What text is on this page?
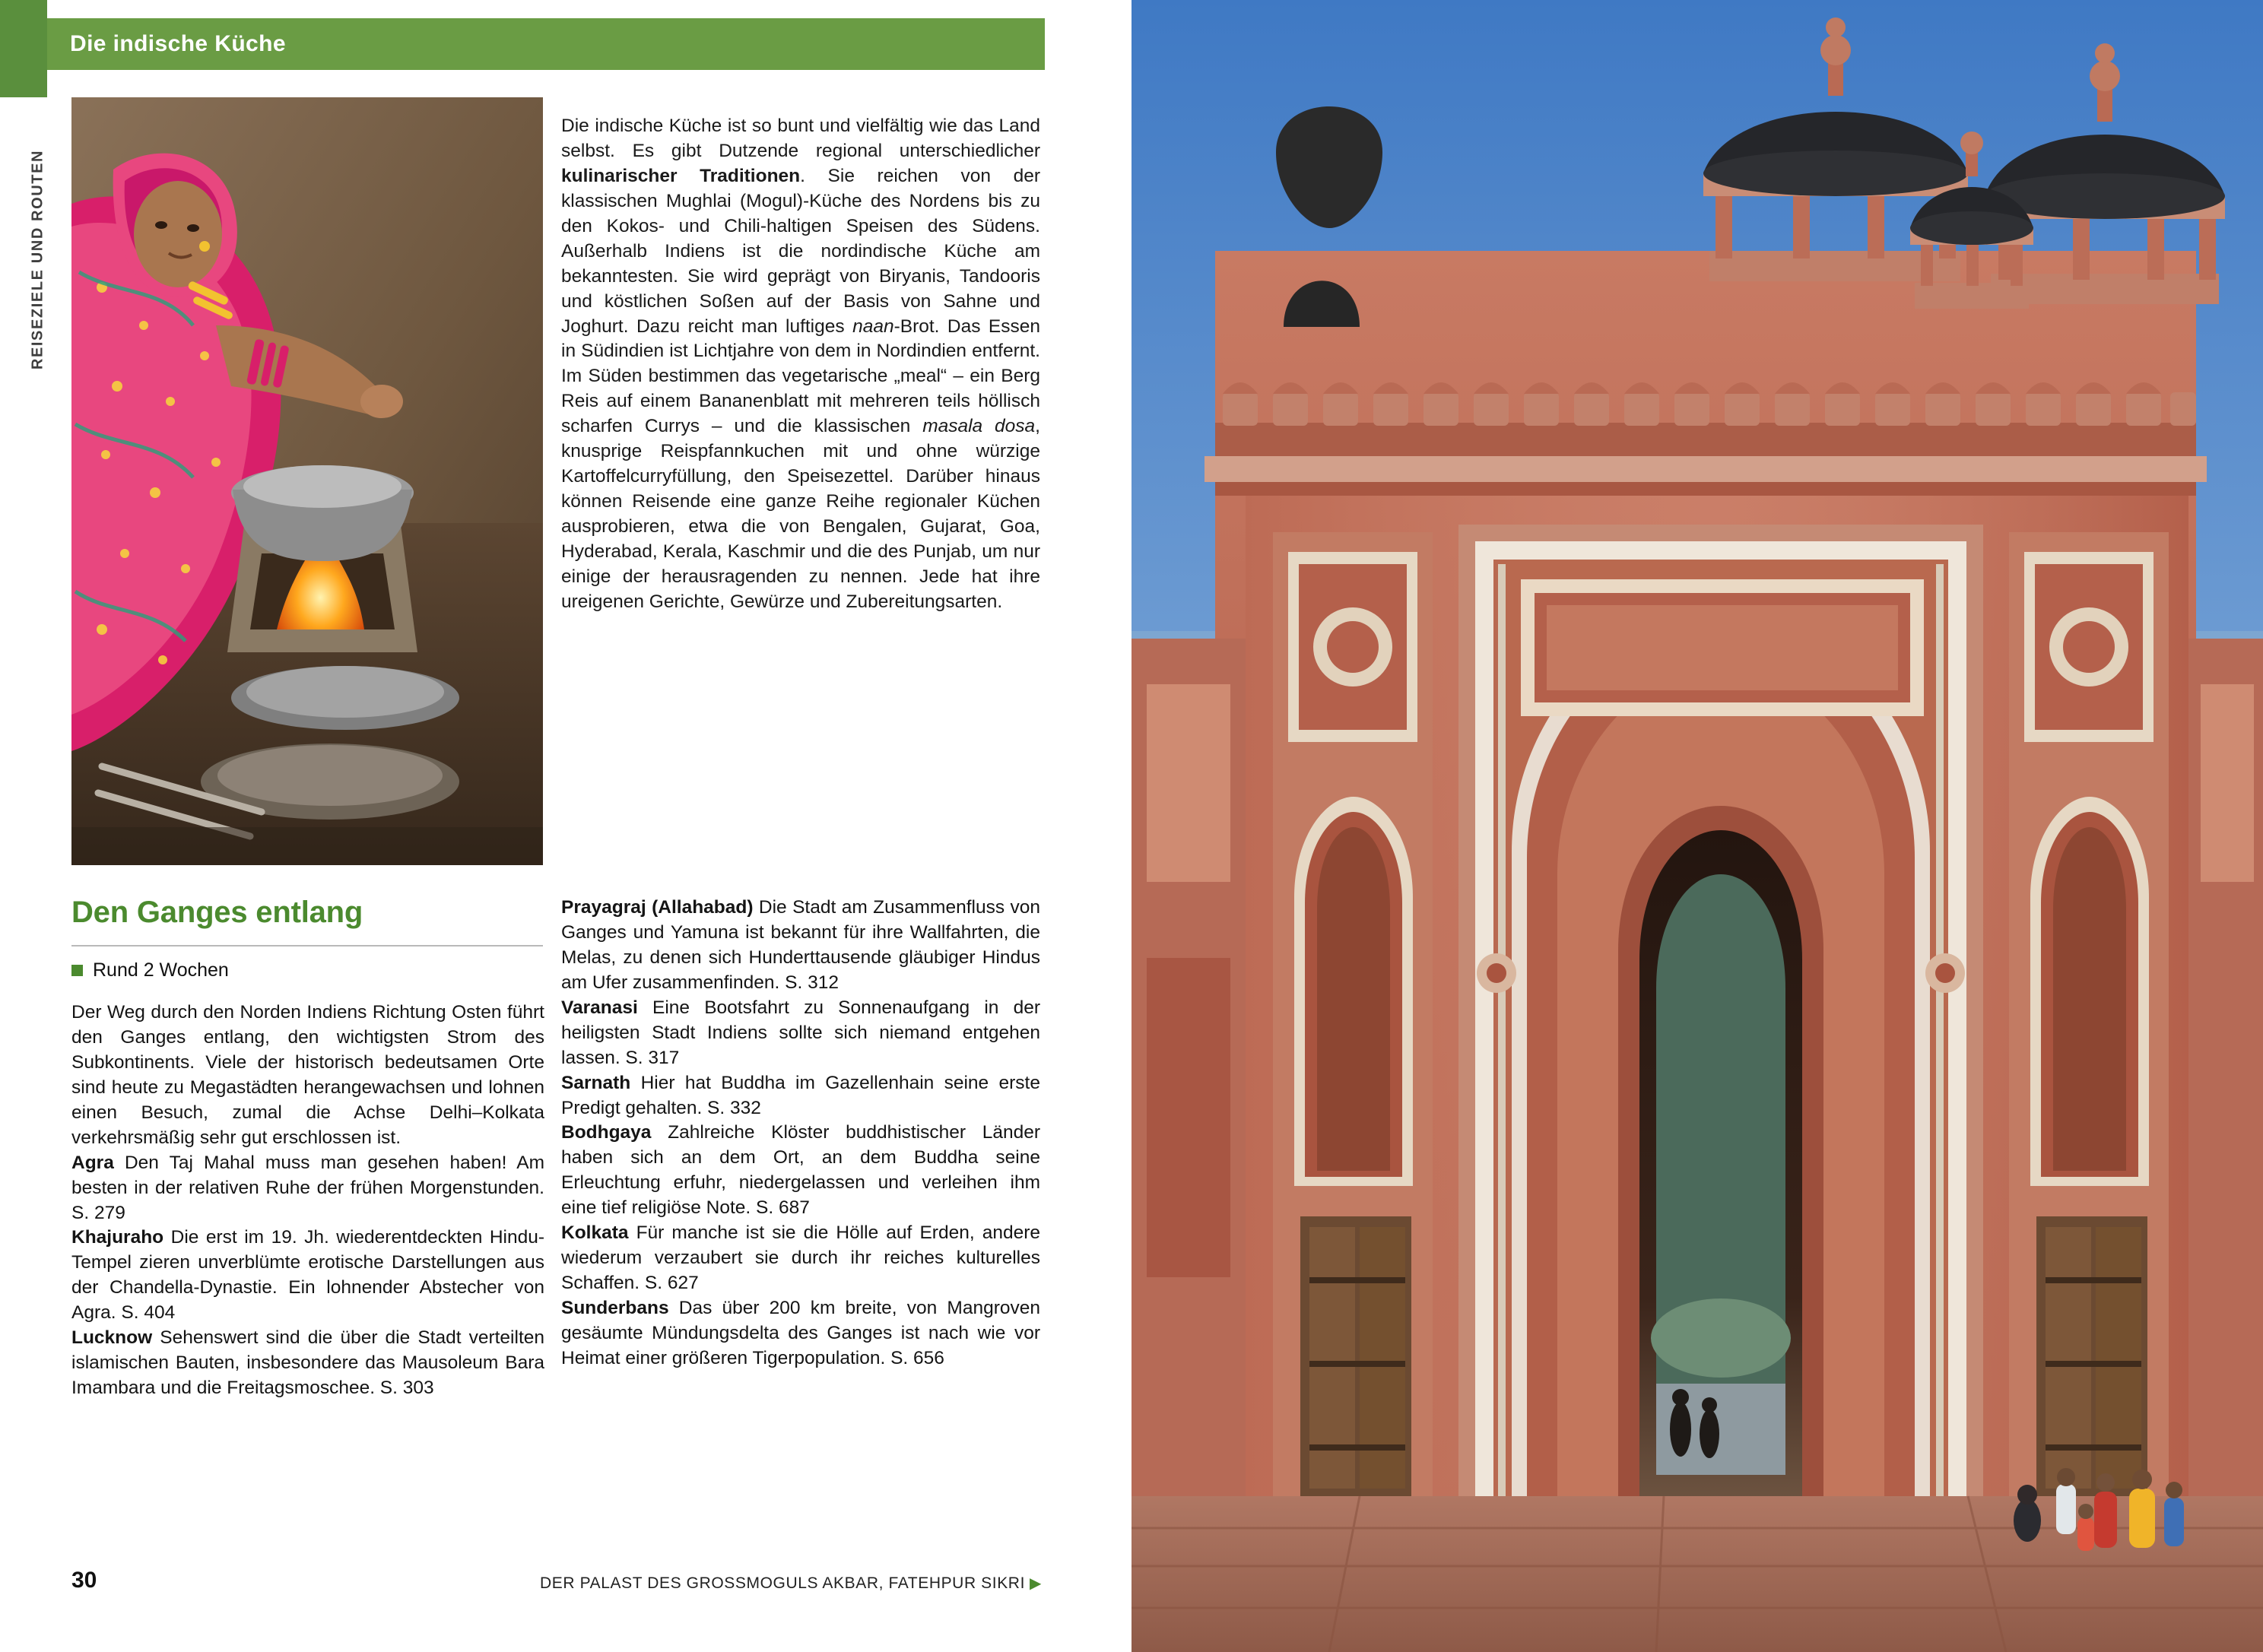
REISEZIELE UND ROUTEN
Die indische Küche
Die indische Küche ist so bunt und vielfältig wie das Land selbst. Es gibt Dutzende regional unterschiedlicher kulinarischer Traditionen. Sie reichen von der klassischen Mughlai (Mogul)-Küche des Nordens bis zu den Kokos- und Chili-haltigen Speisen des Südens. Außerhalb Indiens ist die nordindische Küche am bekanntesten. Sie wird geprägt von Biryanis, Tandooris und köstlichen Soßen auf der Basis von Sahne und Joghurt. Dazu reicht man luftiges naan-Brot. Das Essen in Südindien ist Lichtjahre von dem in Nordindien entfernt. Im Süden bestimmen das vegetarische „meal“ – ein Berg Reis auf einem Bananenblatt mit mehreren teils höllisch scharfen Currys – und die klassischen masala dosa, knusprige Reispfannkuchen mit und ohne würzige Kartoffelcurryfüllung, den Speisezettel. Darüber hinaus können Reisende eine ganze Reihe regionaler Küchen ausprobieren, etwa die von Bengalen, Gujarat, Goa, Hyderabad, Kerala, Kaschmir und die des Punjab, um nur einige der herausragenden zu nennen. Jede hat ihre ureigenen Gerichte, Gewürze und Zubereitungsarten.
Den Ganges entlang
Rund 2 Wochen

Der Weg durch den Norden Indiens Richtung Osten führt den Ganges entlang, den wichtigsten Strom des Subkontinents. Viele der historisch bedeutsamen Orte sind heute zu Megastädten herangewachsen und lohnen einen Besuch, zumal die Achse Delhi–Kolkata verkehrsmäßig sehr gut erschlossen ist.

Agra Den Taj Mahal muss man gesehen haben! Am besten in der relativen Ruhe der frühen Morgenstunden. S. 279

Khajuraho Die erst im 19. Jh. wiederentdeckten Hindu-Tempel zieren unverblümte erotische Darstellungen aus der Chandella-Dynastie. Ein lohnender Abstecher von Agra. S. 404

Lucknow Sehenswert sind die über die Stadt verteilten islamischen Bauten, insbesondere das Mausoleum Bara Imambara und die Freitagsmoschee. S. 303

Prayagraj (Allahabad) Die Stadt am Zusammenfluss von Ganges und Yamuna ist bekannt für ihre Wallfahrten, die Melas, zu denen sich Hunderttausende gläubiger Hindus am Ufer zusammenfinden. S. 312

Varanasi Eine Bootsfahrt zu Sonnenaufgang in der heiligsten Stadt Indiens sollte sich niemand entgehen lassen. S. 317

Sarnath Hier hat Buddha im Gazellenhain seine erste Predigt gehalten. S. 332

Bodhgaya Zahlreiche Klöster buddhistischer Länder haben sich an dem Ort, an dem Buddha seine Erleuchtung erfuhr, niedergelassen und verleihen ihm eine tief religiöse Note. S. 687

Kolkata Für manche ist sie die Hölle auf Erden, andere wiederum verzaubert sie durch ihr reiches kulturelles Schaffen. S. 627

Sunderbans Das über 200 km breite, von Mangroven gesäumte Mündungsdelta des Ganges ist nach wie vor Heimat einer größeren Tigerpopulation. S. 656

30	DER PALAST DES GROSSMOGULS AKBAR, FATEHPUR SIKRI ▶
